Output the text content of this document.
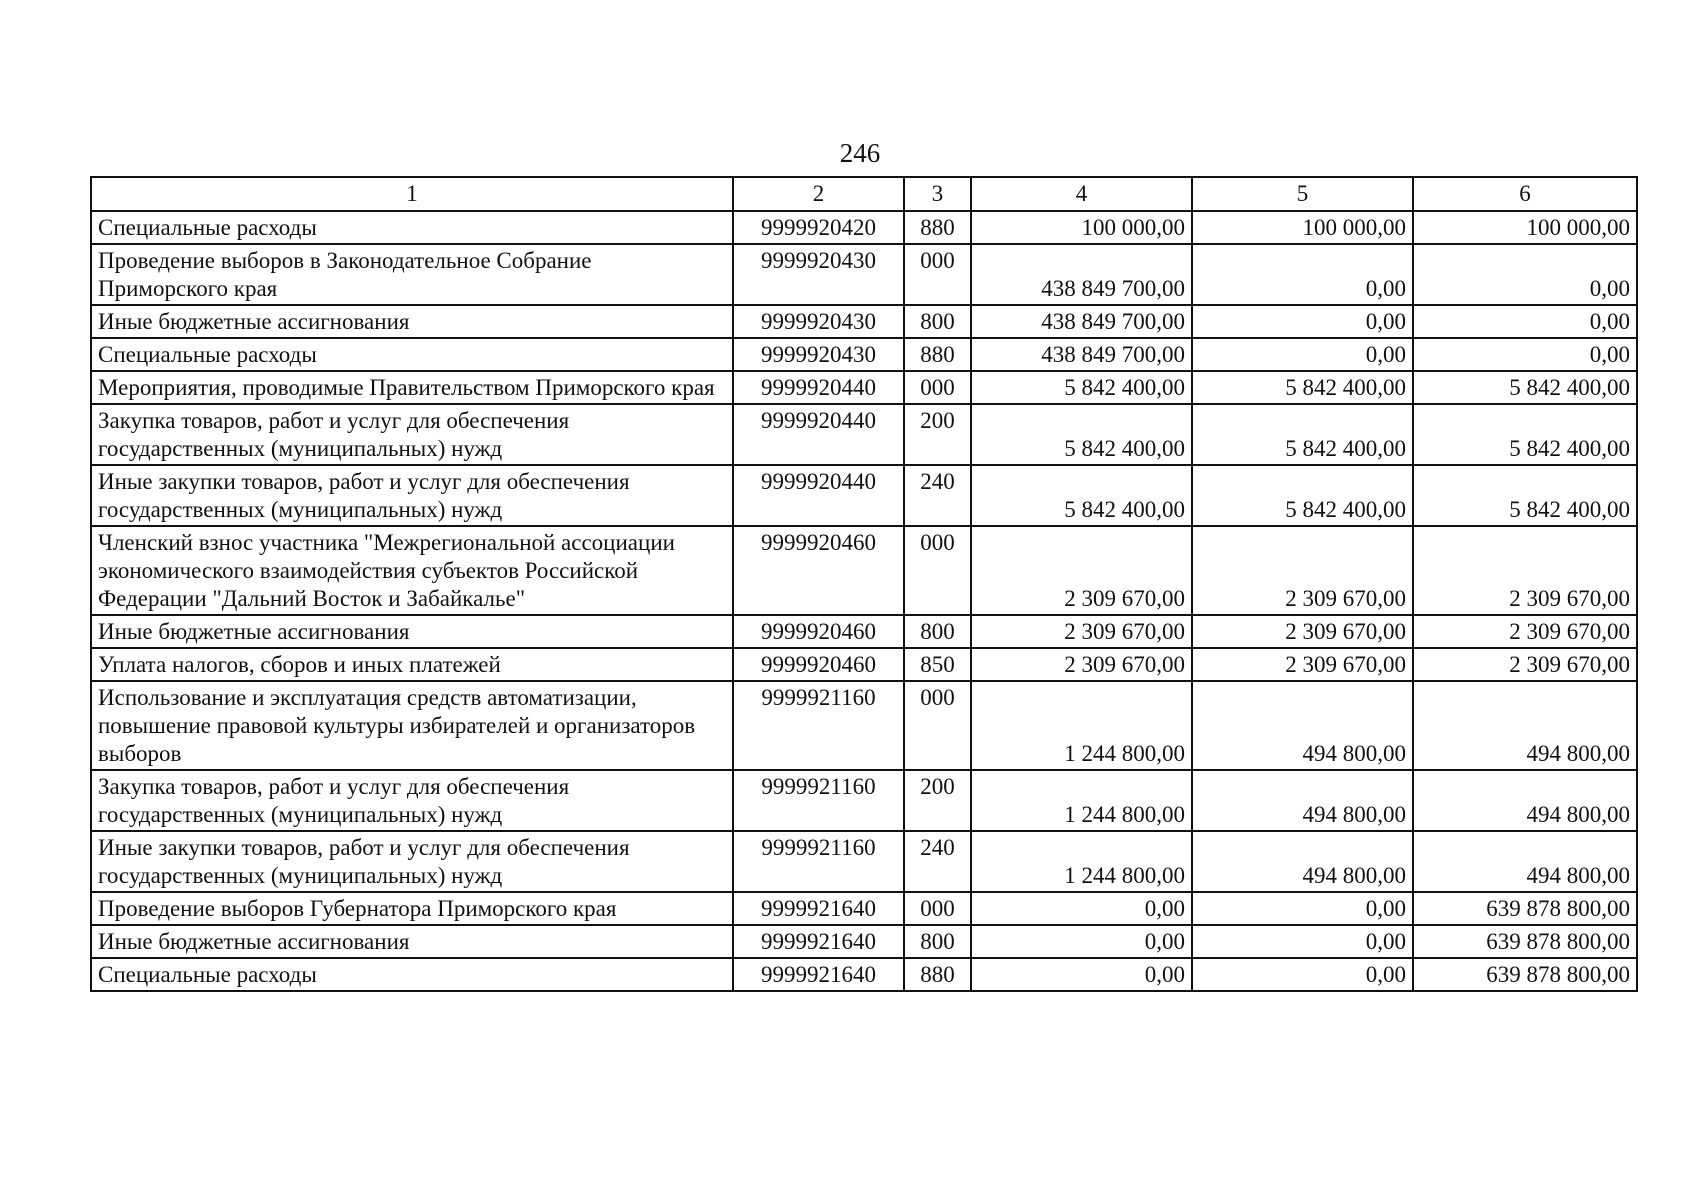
246
1	2	3	4	5	6
Специальные расходы	9999920420	880	100 000,00	100 000,00	100 000,00
Проведение выборов в Законодательное Собрание Приморского края	9999920430	000	438 849 700,00	0,00	0,00
Иные бюджетные ассигнования	9999920430	800	438 849 700,00	0,00	0,00
Специальные расходы	9999920430	880	438 849 700,00	0,00	0,00
Мероприятия, проводимые Правительством Приморского края	9999920440	000	5 842 400,00	5 842 400,00	5 842 400,00
Закупка товаров, работ и услуг для обеспечения государственных (муниципальных) нужд	9999920440	200	5 842 400,00	5 842 400,00	5 842 400,00
Иные закупки товаров, работ и услуг для обеспечения государственных (муниципальных) нужд	9999920440	240	5 842 400,00	5 842 400,00	5 842 400,00
Членский взнос участника "Межрегиональной ассоциации экономического взаимодействия субъектов Российской Федерации "Дальний Восток и Забайкалье"	9999920460	000	2 309 670,00	2 309 670,00	2 309 670,00
Иные бюджетные ассигнования	9999920460	800	2 309 670,00	2 309 670,00	2 309 670,00
Уплата налогов, сборов и иных платежей	9999920460	850	2 309 670,00	2 309 670,00	2 309 670,00
Использование и эксплуатация средств автоматизации, повышение правовой культуры избирателей и организаторов выборов	9999921160	000	1 244 800,00	494 800,00	494 800,00
Закупка товаров, работ и услуг для обеспечения государственных (муниципальных) нужд	9999921160	200	1 244 800,00	494 800,00	494 800,00
Иные закупки товаров, работ и услуг для обеспечения государственных (муниципальных) нужд	9999921160	240	1 244 800,00	494 800,00	494 800,00
Проведение выборов Губернатора Приморского края	9999921640	000	0,00	0,00	639 878 800,00
Иные бюджетные ассигнования	9999921640	800	0,00	0,00	639 878 800,00
Специальные расходы	9999921640	880	0,00	0,00	639 878 800,00
